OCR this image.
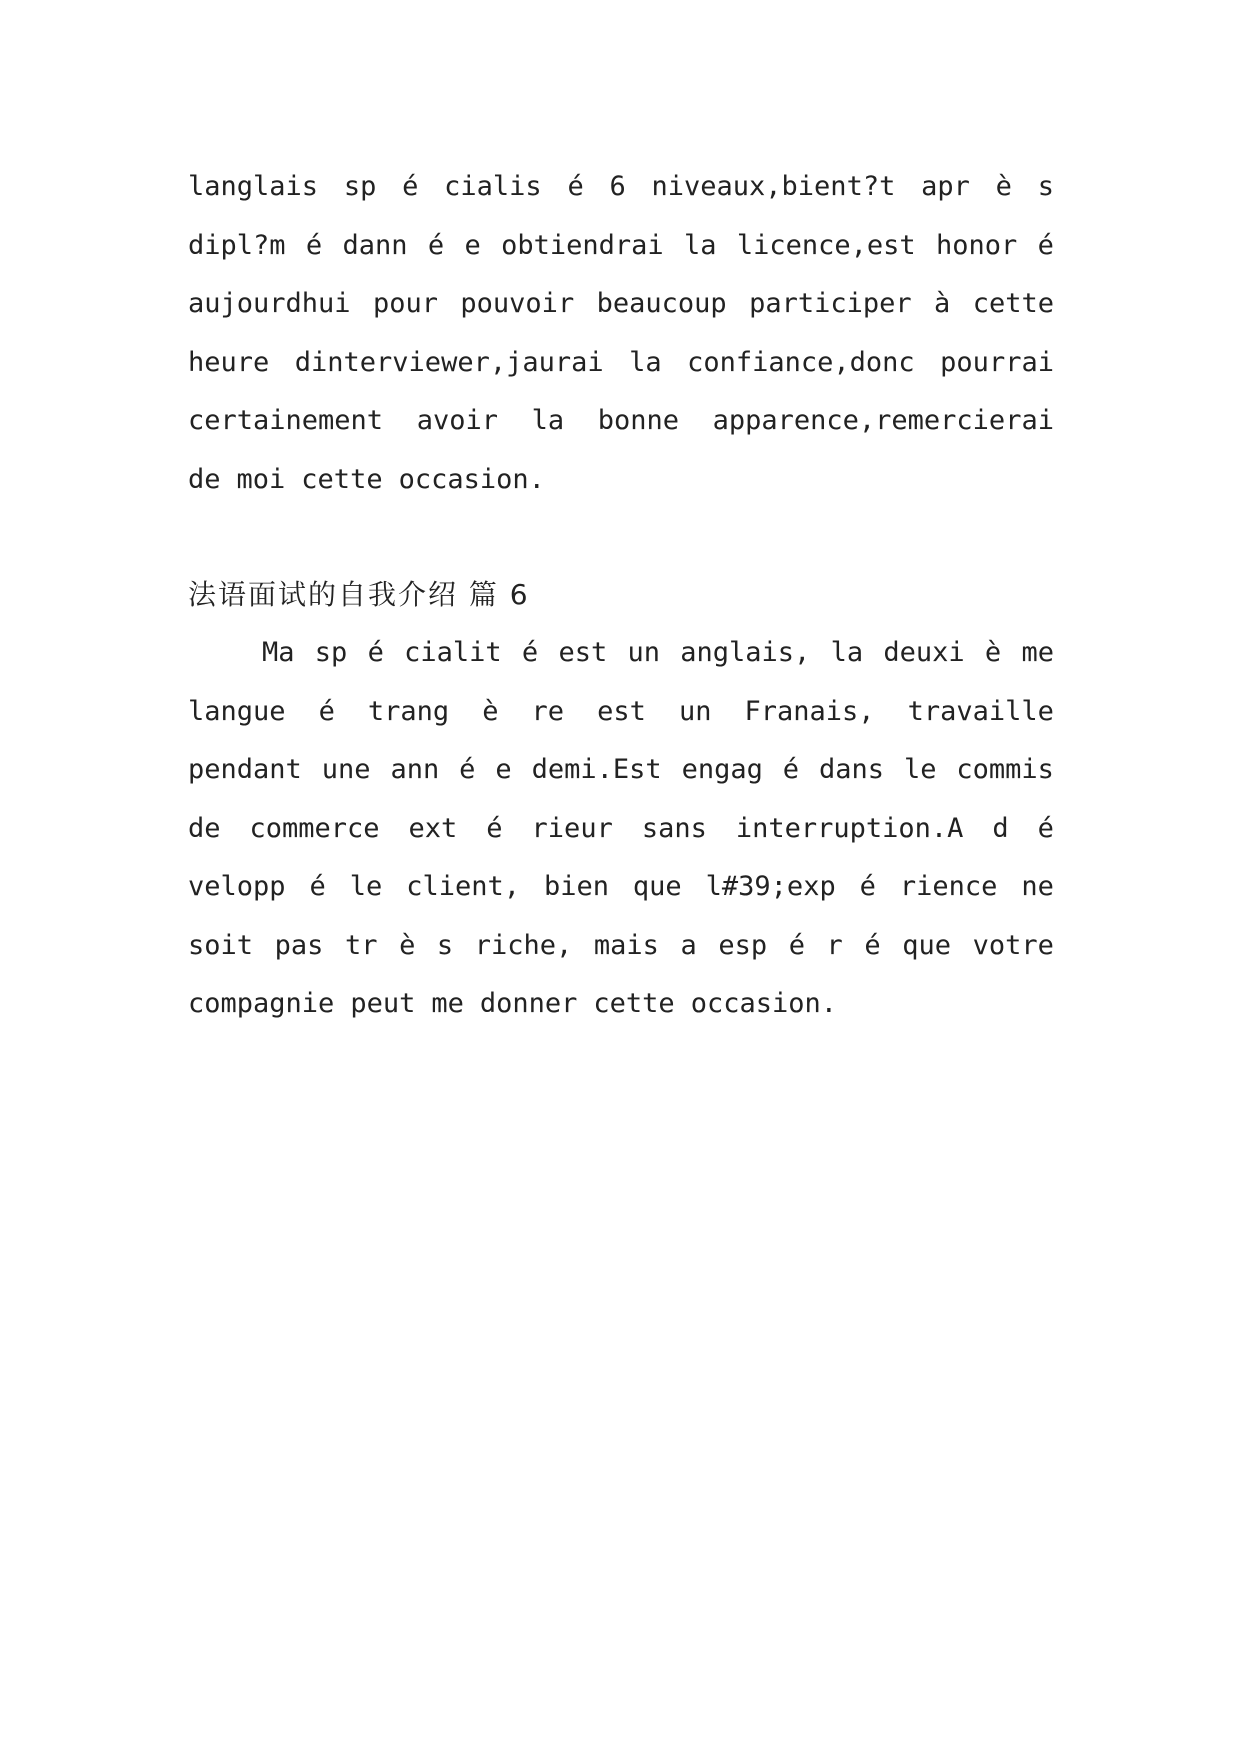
langlais sp é cialis é 6 niveaux,bient?t apr è s
dipl?m é dann é e obtiendrai la licence,est honor é
aujourdhui pour pouvoir beaucoup participer à cette
heure dinterviewer,jaurai la confiance,donc pourrai
certainement avoir la bonne apparence,remercierai
de moi cette occasion.
法语面试的自我介绍 篇 6
Ma sp é cialit é est un anglais, la deuxi è me
langue é trang è re est un Franais, travaille
pendant une ann é e demi.Est engag é dans le commis
de commerce ext é rieur sans interruption.A d é
velopp é le client, bien que l#39;exp é rience ne
soit pas tr è s riche, mais a esp é r é que votre
compagnie peut me donner cette occasion.
